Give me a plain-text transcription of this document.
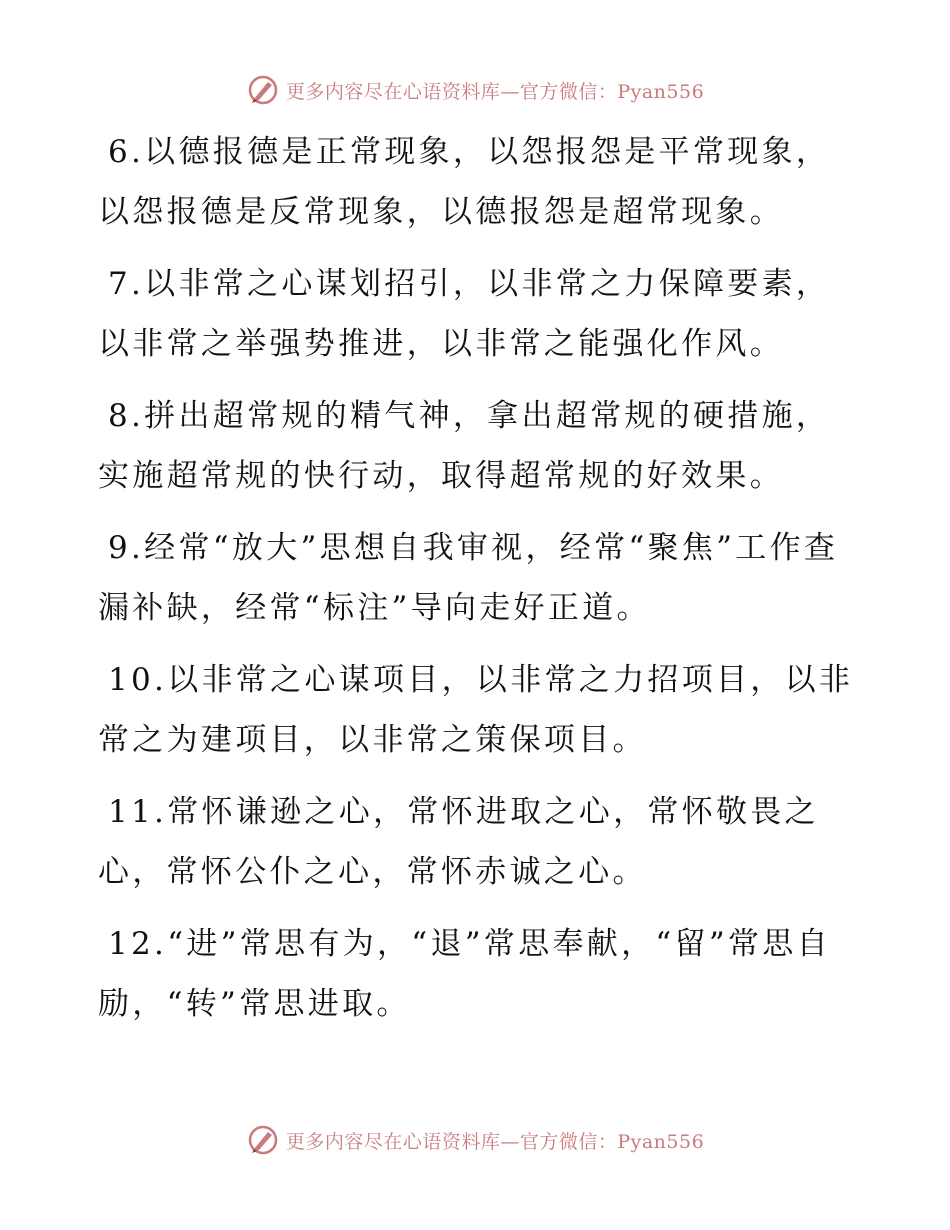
更多内容尽在心语资料库—官方微信：Pyan556

6.以德报德是正常现象，以怨报怨是平常现象，以怨报德是反常现象，以德报怨是超常现象。

7.以非常之心谋划招引，以非常之力保障要素，以非常之举强势推进，以非常之能强化作风。

8.拼出超常规的精气神，拿出超常规的硬措施，实施超常规的快行动，取得超常规的好效果。

9.经常“放大”思想自我审视，经常“聚焦”工作查漏补缺，经常“标注”导向走好正道。

10.以非常之心谋项目，以非常之力招项目，以非常之为建项目，以非常之策保项目。

11.常怀谦逊之心，常怀进取之心，常怀敬畏之心，常怀公仆之心，常怀赤诚之心。

12.“进”常思有为，“退”常思奉献，“留”常思自励，“转”常思进取。

更多内容尽在心语资料库—官方微信：Pyan556
